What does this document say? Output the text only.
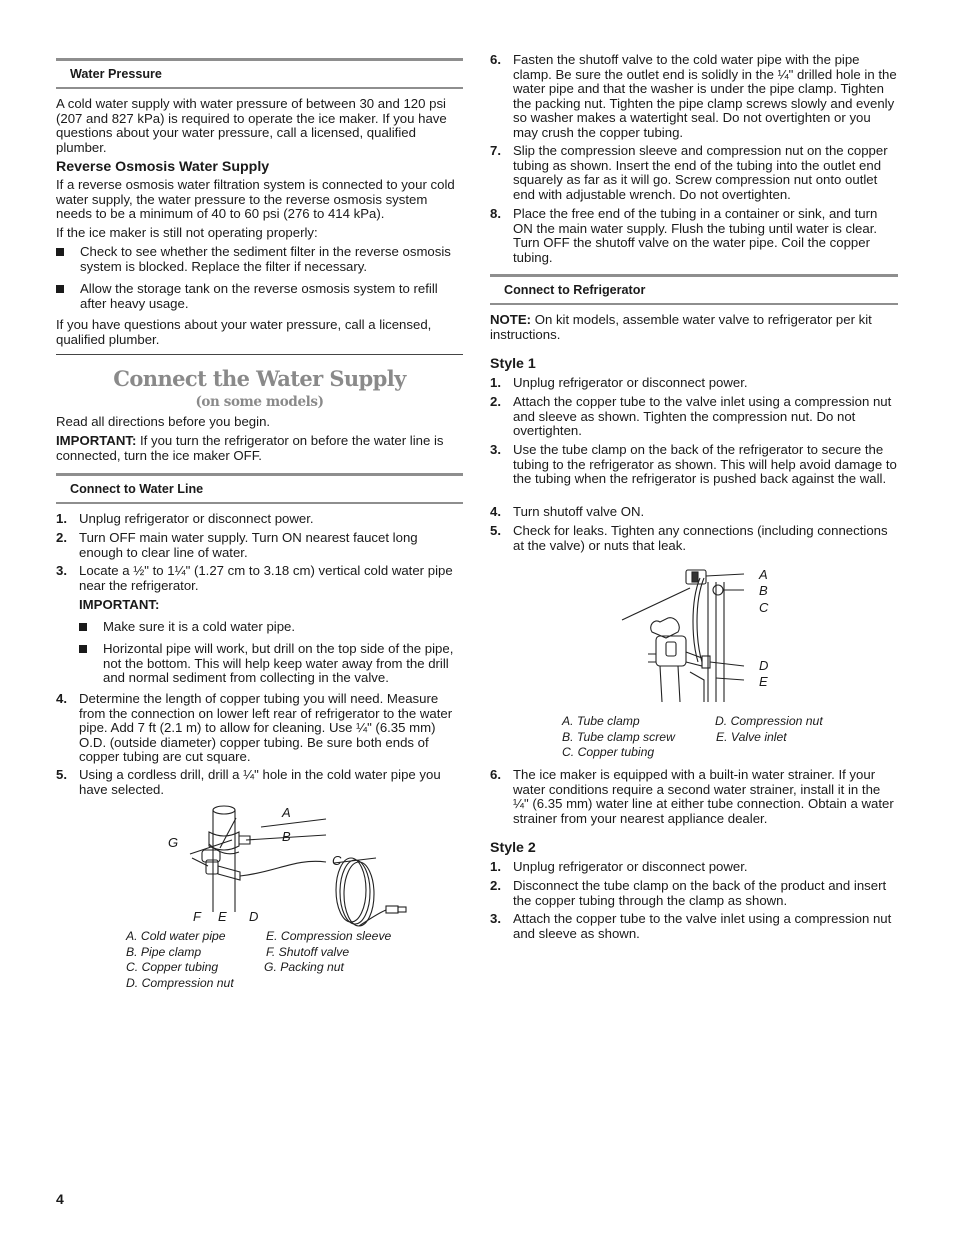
Water Pressure

A cold water supply with water pressure of between 30 and 120 psi (207 and 827 kPa) is required to operate the ice maker. If you have questions about your water pressure, call a licensed, qualified plumber.

Reverse Osmosis Water Supply

If a reverse osmosis water filtration system is connected to your cold water supply, the water pressure to the reverse osmosis system needs to be a minimum of 40 to 60 psi (276 to 414 kPa).

If the ice maker is still not operating properly:

Check to see whether the sediment filter in the reverse osmosis system is blocked. Replace the filter if necessary.

Allow the storage tank on the reverse osmosis system to refill after heavy usage.

If you have questions about your water pressure, call a licensed, qualified plumber.

Connect the Water Supply

(on some models)

Read all directions before you begin.

IMPORTANT: If you turn the refrigerator on before the water line is connected, turn the ice maker OFF.

Connect to Water Line
1. Unplug refrigerator or disconnect power.

2. Turn OFF main water supply. Turn ON nearest faucet long enough to clear line of water.

3. Locate a ½" to 1¼" (1.27 cm to 3.18 cm) vertical cold water pipe near the refrigerator.

IMPORTANT:

Make sure it is a cold water pipe.

Horizontal pipe will work, but drill on the top side of the pipe, not the bottom. This will help keep water away from the drill and normal sediment from collecting in the valve.

4. Determine the length of copper tubing you will need. Measure from the connection on lower left rear of refrigerator to the water pipe. Add 7 ft (2.1 m) to allow for cleaning. Use ¼" (6.35 mm) O.D. (outside diameter) copper tubing. Be sure both ends of copper tubing are cut square.

5. Using a cordless drill, drill a ¼" hole in the cold water pipe you have selected.

A
B
C
D
E
F
G
A. Cold water pipe
B. Pipe clamp
C. Copper tubing
D. Compression nut
E. Compression sleeve
F. Shutoff valve
G. Packing nut

4

6. Fasten the shutoff valve to the cold water pipe with the pipe clamp. Be sure the outlet end is solidly in the ¼" drilled hole in the water pipe and that the washer is under the pipe clamp. Tighten the packing nut. Tighten the pipe clamp screws slowly and evenly so washer makes a watertight seal. Do not overtighten or you may crush the copper tubing.

7. Slip the compression sleeve and compression nut on the copper tubing as shown. Insert the end of the tubing into the outlet end squarely as far as it will go. Screw compression nut onto outlet end with adjustable wrench. Do not overtighten.

8. Place the free end of the tubing in a container or sink, and turn ON the main water supply. Flush the tubing until water is clear. Turn OFF the shutoff valve on the water pipe. Coil the copper tubing.

Connect to Refrigerator

NOTE: On kit models, assemble water valve to refrigerator per kit instructions.

Style 1

1. Unplug refrigerator or disconnect power.

2. Attach the copper tube to the valve inlet using a compression nut and sleeve as shown. Tighten the compression nut. Do not overtighten.

3. Use the tube clamp on the back of the refrigerator to secure the tubing to the refrigerator as shown. This will help avoid damage to the tubing when the refrigerator is pushed back against the wall.

4. Turn shutoff valve ON.

5. Check for leaks. Tighten any connections (including connections at the valve) or nuts that leak.

A
B
C
D
E
A. Tube clamp
B. Tube clamp screw
C. Copper tubing
D. Compression nut
E. Valve inlet
6. The ice maker is equipped with a built-in water strainer. If your water conditions require a second water strainer, install it in the ¼" (6.35 mm) water line at either tube connection. Obtain a water strainer from your nearest appliance dealer.

Style 2

1. Unplug refrigerator or disconnect power.

2. Disconnect the tube clamp on the back of the product and insert the copper tubing through the clamp as shown.

3. Attach the copper tube to the valve inlet using a compression nut and sleeve as shown.
